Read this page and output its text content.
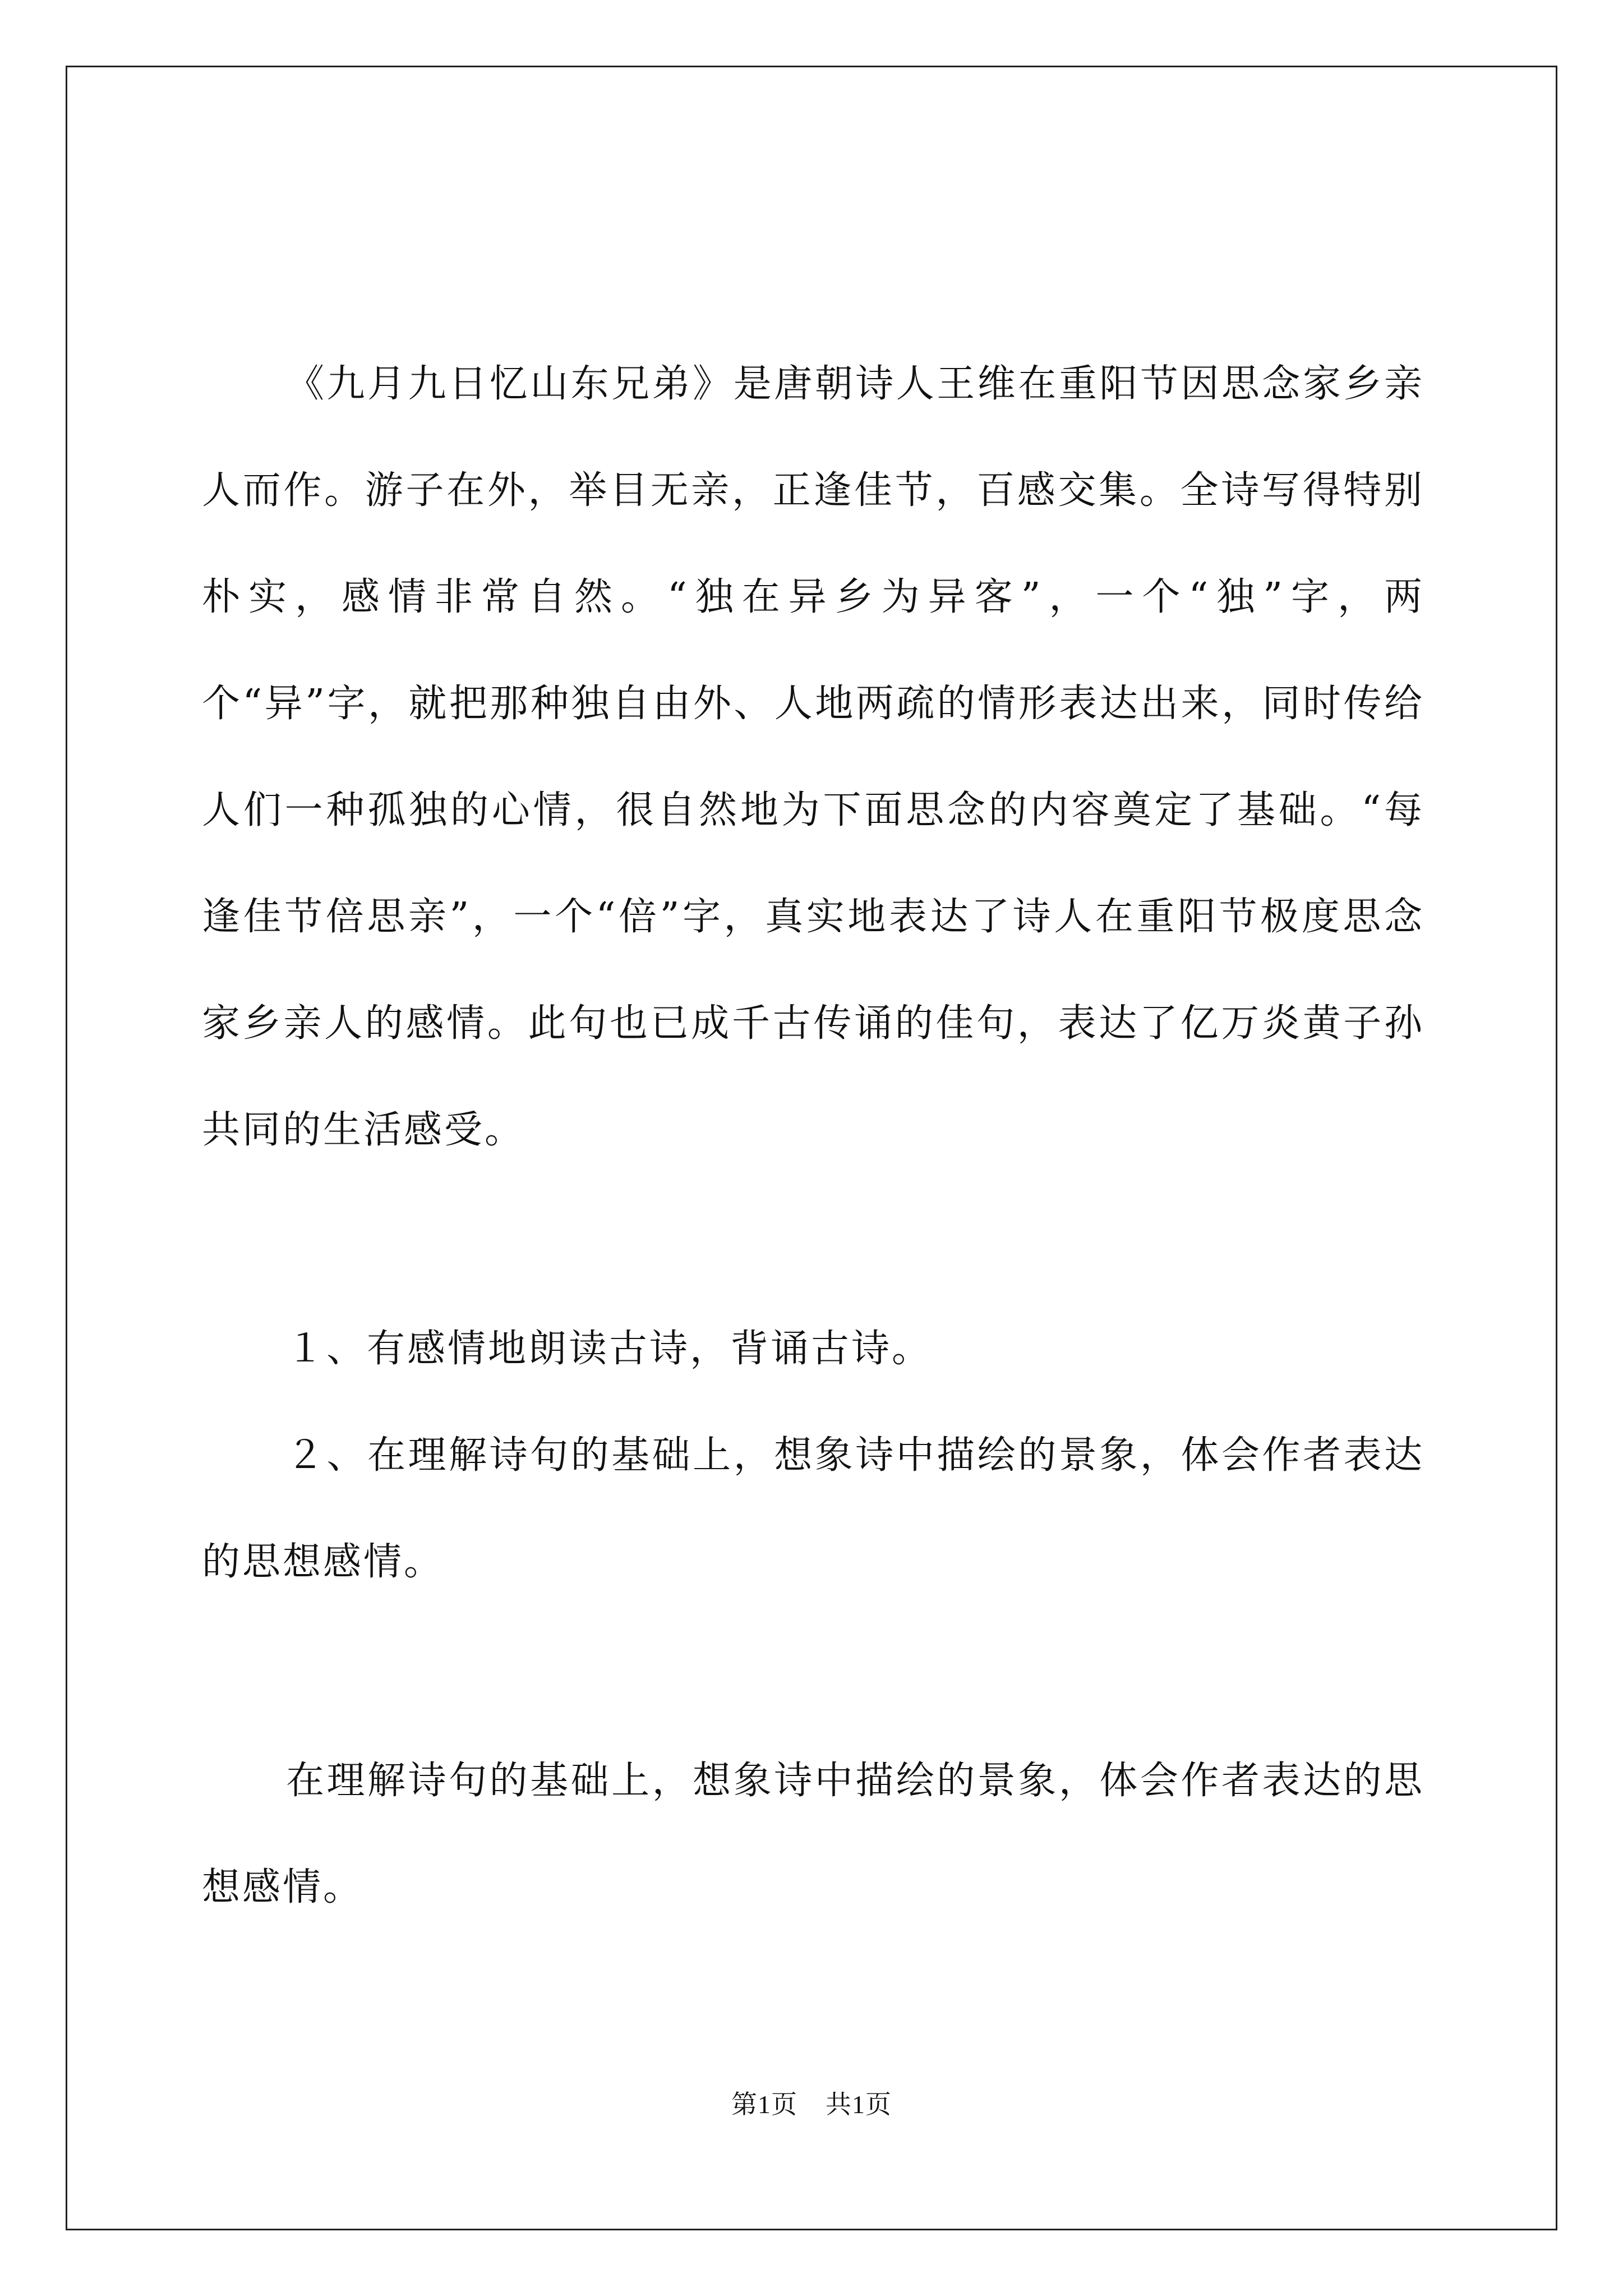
《九月九日忆山东兄弟》是唐朝诗人王维在重阳节因思念家乡亲人而作。游子在外，举目无亲，正逢佳节，百感交集。全诗写得特别朴实，感情非常自然。“独在异乡为异客”，一个“独”字，两个“异”字，就把那种独自由外、人地两疏的情形表达出来，同时传给人们一种孤独的心情，很自然地为下面思念的内容奠定了基础。“每逢佳节倍思亲”，一个“倍”字，真实地表达了诗人在重阳节极度思念家乡亲人的感情。此句也已成千古传诵的佳句，表达了亿万炎黄子孙共同的生活感受。

１、有感情地朗读古诗，背诵古诗。

２、在理解诗句的基础上，想象诗中描绘的景象，体会作者表达的思想感情。

在理解诗句的基础上，想象诗中描绘的景象，体会作者表达的思想感情。

第1页 共1页
